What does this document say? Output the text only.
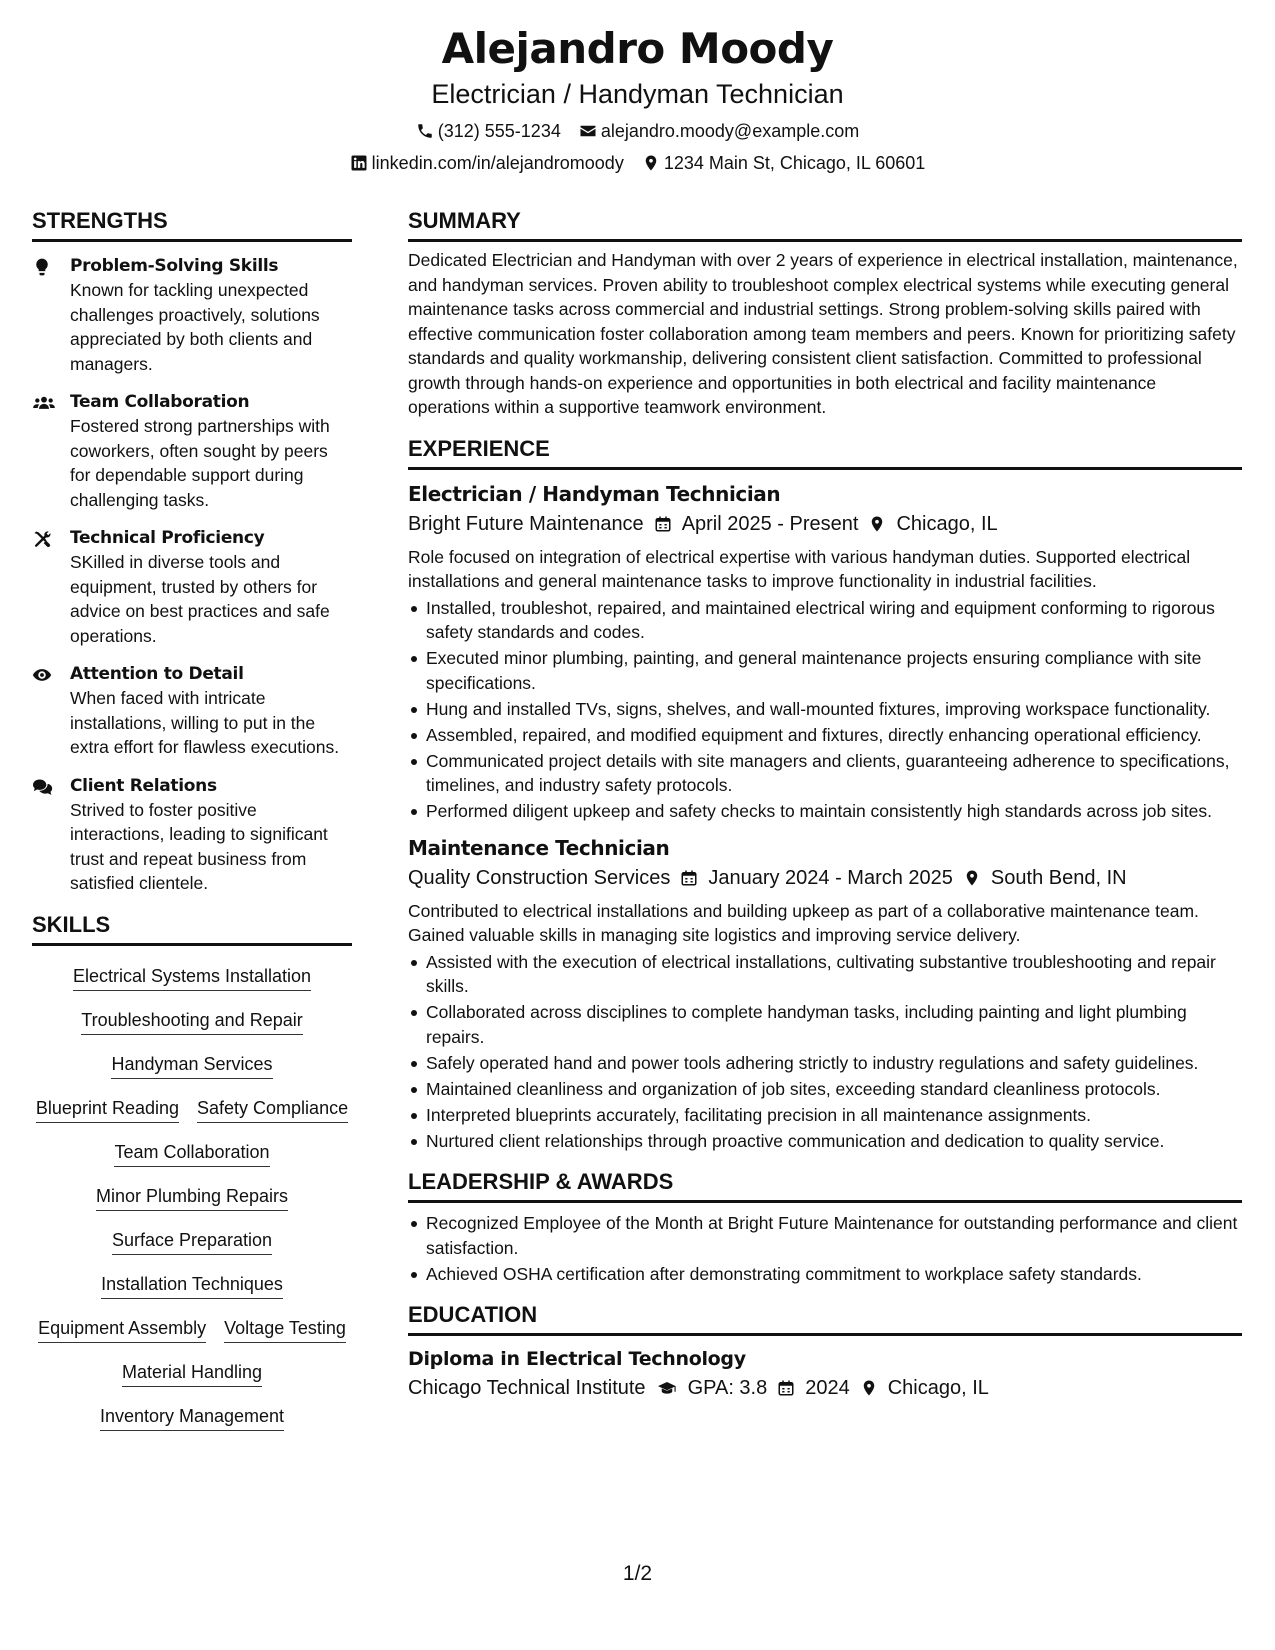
Alejandro Moody
Electrician / Handyman Technician
(312) 555-1234 alejandro.moody@example.com
linkedin.com/in/alejandromoody 1234 Main St, Chicago, IL 60601
STRENGTHS
Problem-Solving Skills
Known for tackling unexpected challenges proactively, solutions appreciated by both clients and managers.
Team Collaboration
Fostered strong partnerships with coworkers, often sought by peers for dependable support during challenging tasks.
Technical Proficiency
SKilled in diverse tools and equipment, trusted by others for advice on best practices and safe operations.
Attention to Detail
When faced with intricate installations, willing to put in the extra effort for flawless executions.
Client Relations
Strived to foster positive interactions, leading to significant trust and repeat business from satisfied clientele.
SKILLS
Electrical Systems Installation
Troubleshooting and Repair
Handyman Services
Blueprint Reading Safety Compliance
Team Collaboration
Minor Plumbing Repairs
Surface Preparation
Installation Techniques
Equipment Assembly Voltage Testing
Material Handling
Inventory Management
SUMMARY
Dedicated Electrician and Handyman with over 2 years of experience in electrical installation, maintenance, and handyman services. Proven ability to troubleshoot complex electrical systems while executing general maintenance tasks across commercial and industrial settings. Strong problem-solving skills paired with effective communication foster collaboration among team members and peers. Known for prioritizing safety standards and quality workmanship, delivering consistent client satisfaction. Committed to professional growth through hands-on experience and opportunities in both electrical and facility maintenance operations within a supportive teamwork environment.
EXPERIENCE
Electrician / Handyman Technician
Bright Future Maintenance April 2025 - Present Chicago, IL
Role focused on integration of electrical expertise with various handyman duties. Supported electrical installations and general maintenance tasks to improve functionality in industrial facilities.
Installed, troubleshot, repaired, and maintained electrical wiring and equipment conforming to rigorous safety standards and codes.
Executed minor plumbing, painting, and general maintenance projects ensuring compliance with site specifications.
Hung and installed TVs, signs, shelves, and wall-mounted fixtures, improving workspace functionality.
Assembled, repaired, and modified equipment and fixtures, directly enhancing operational efficiency.
Communicated project details with site managers and clients, guaranteeing adherence to specifications, timelines, and industry safety protocols.
Performed diligent upkeep and safety checks to maintain consistently high standards across job sites.
Maintenance Technician
Quality Construction Services January 2024 - March 2025 South Bend, IN
Contributed to electrical installations and building upkeep as part of a collaborative maintenance team. Gained valuable skills in managing site logistics and improving service delivery.
Assisted with the execution of electrical installations, cultivating substantive troubleshooting and repair skills.
Collaborated across disciplines to complete handyman tasks, including painting and light plumbing repairs.
Safely operated hand and power tools adhering strictly to industry regulations and safety guidelines.
Maintained cleanliness and organization of job sites, exceeding standard cleanliness protocols.
Interpreted blueprints accurately, facilitating precision in all maintenance assignments.
Nurtured client relationships through proactive communication and dedication to quality service.
LEADERSHIP & AWARDS
Recognized Employee of the Month at Bright Future Maintenance for outstanding performance and client satisfaction.
Achieved OSHA certification after demonstrating commitment to workplace safety standards.
EDUCATION
Diploma in Electrical Technology
Chicago Technical Institute GPA: 3.8 2024 Chicago, IL
1/2
